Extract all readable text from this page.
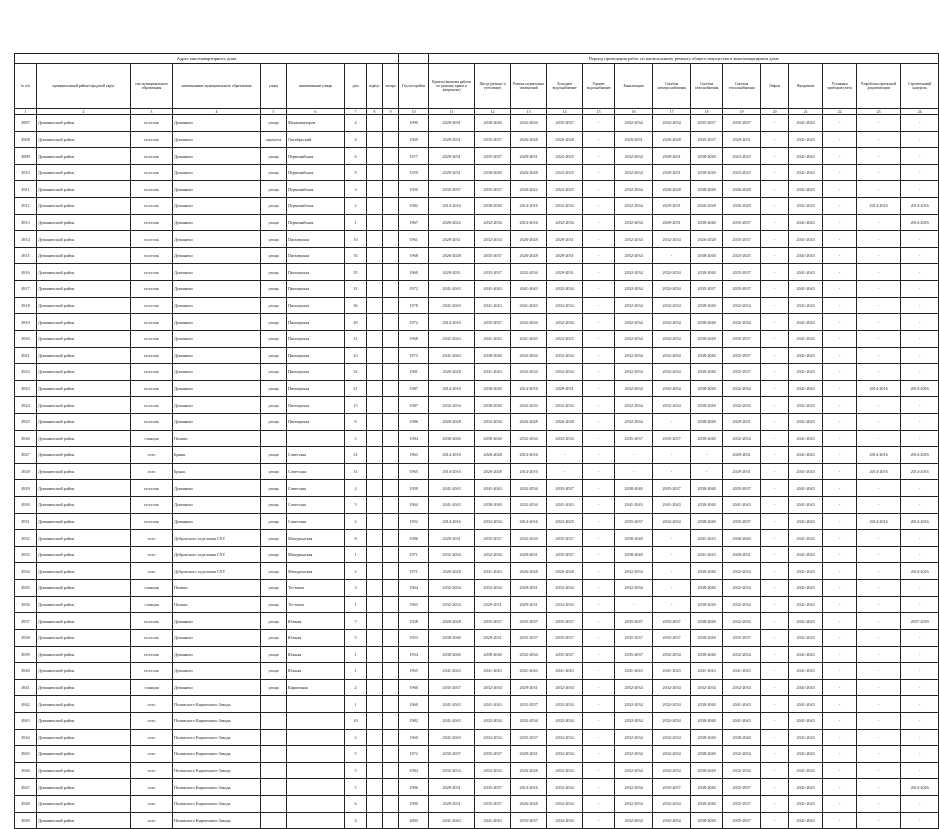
Адрес многоквартирного дома										Период проведения работ по капитальному ремонту общего имущества в многоквартирном доме													
№ п/п	муниципальный район/городской округ	тип муниципального образования	наименование муниципального образования	улица	наименование улицы	дом	корпус	литера	Год постройки	Кровля (включая работы по ремонту крыш и капремонт)	Фасад (ремонт и утепление)	Ремонт подвальных помещений	Холодное водоснабжение	Горячее водоснабжение	Канализация	Система электроснабжения	Система газоснабжения	Система теплоснабжения	Лифты	Фундамент	Установка приборов учета	Разработка проектной документации	Строительный контроль
1	2	3	4	5	6	7	8	9	10	11	12	13	14	15	16	17	18	19	20	21	22	23	24
4907	Думиничский район	поселок	Думиничи	улица	Механизаторов	4			1990	2029-2031	2038-2040	2032-2034	2035-2037	-	2032-2034	2032-2034	2035-2037	2035-2037	-	2041-2043	-	-	-
4908	Думиничский район	поселок	Думиничи	переулок	Октябрьский	4			1969	2029-2031	2035-2037	2026-2028	2026-2028	-	2029-2031	2026-2028	2035-2037	2029-2031	-	2041-2043	-	-	-
4909	Думиничский район	поселок	Думиничи	улица	Первомайская	6			1977	2029-2031	2035-2037	2029-2031	2023-2025	-	2032-2034	2029-2031	2038-2040	2023-2025	-	2041-2043	-	-	-
4910	Думиничский район	поселок	Думиничи	улица	Первомайская	9			1959	2029-2031	2038-2040	2026-2028	2023-2025	-	2032-2034	2029-2031	2038-2040	2023-2025	-	2041-2043	-	-	-
4911	Думиничский район	поселок	Думиничи	улица	Первомайская	3			1950	2035-2037	2035-2037	2020-2022	2023-2025	-	2032-2034	2026-2028	2038-2040	2026-2028	-	2041-2043	-	-	-
4912	Думиничский район	поселок	Думиничи	улица	Первомайская	2			1982	2014-2016	2038-2040	2014-2016	2032-2034	-	2032-2034	2029-2031	2026-2028	2026-2028	-	2041-2043	-	2014-2016	2014-2016
4913	Думиничский район	поселок	Думиничи	улица	Первомайская	1			1967	2020-2022	2032-2034	2014-2016	2032-2034	-	2032-2034	2029-2031	2038-2040	2035-2037	-	2041-2043	-	-	2014-2016
4914	Думиничский район	поселок	Думиничи	улица	Пионерская	10			1961	2029-2031	2032-2034	2026-2028	2029-2031	-	2032-2034	2032-2034	2026-2028	2035-2037	-	2041-2043	-	-	-
4915	Думиничский район	поселок	Думиничи	улица	Пионерская	33			1968	2026-2028	2035-2037	2026-2028	2029-2031	-	2032-2034	-	2038-2040	2023-2025	-	2041-2043	-	-	-
4916	Думиничский район	поселок	Думиничи	улица	Пионерская	35			1969	2029-2031	2035-2037	2032-2034	2029-2031	-	2032-2034	2032-2034	2038-2040	2035-2037	-	2041-2043	-	-	-
4917	Думиничский район	поселок	Думиничи	улица	Пионерская	31			1972	2041-2043	2041-2043	2041-2043	2032-2034	-	2032-2034	2032-2034	2035-2037	2035-2037	-	2041-2043	-	-	-
4918	Думиничский район	поселок	Думиничи	улица	Пионерская	36			1978	2041-2043	2041-2043	2041-2043	2032-2034	-	2032-2034	2032-2034	2038-2040	2032-2034	-	2041-2043	-	-	-
4919	Думиничский район	поселок	Думиничи	улица	Пионерская	29			1972	2014-2016	2035-2037	2032-2034	2032-2034	-	2032-2034	2032-2034	2038-2040	2032-2034	-	2041-2043	-	-	-
4920	Думиничский район	поселок	Думиничи	улица	Пионерская	31			1968	2041-2043	2041-2043	2041-2043	2023-2025	-	2032-2034	2032-2034	2038-2040	2035-2037	-	2041-2043	-	-	-
4921	Думиничский район	поселок	Думиничи	улица	Пионерская	23			1973	2041-2043	2038-2040	2032-2034	2032-2034	-	2032-2034	2032-2034	2038-2040	2035-2037	-	2041-2043	-	-	-
4922	Думиничский район	поселок	Думиничи	улица	Пионерская	32			1981	2026-2028	2041-2043	2032-2034	2032-2034	-	2032-2034	2032-2034	2038-2040	2035-2037	-	2041-2043	-	-	-
4923	Думиничский район	поселок	Думиничи	улица	Пионерская	21			1987	2014-2016	2038-2040	2014-2016	2029-2031	-	2032-2034	2032-2034	2038-2040	2032-2034	-	2041-2043	-	2014-2016	2014-2016
4924	Думиничский район	поселок	Думиничи	улица	Пионерская	15			1987	2032-2034	2038-2040	2032-2034	2032-2034	-	2032-2034	2032-2034	2038-2040	2032-2034	-	2041-2043	-	-	-
4925	Думиничский район	поселок	Думиничи	улица	Пионерская	9			1986	2026-2028	2032-2034	2026-2028	2026-2028	-	2032-2034	-	2038-2040	2029-2031	-	2041-2043	-	-	-
4926	Думиничский район	станция	Палики			3			1984	2038-2040	2038-2040	2032-2034	2032-2034	-	2035-2037	2035-2037	2038-2040	2032-2034	-	2041-2043	-	-	-
4927	Думиничский район	село	Брынь	улица	Советская	31			1963	2014-2016	2026-2028	2014-2016	-	-	-	-	-	2029-2031	-	2041-2043	-	2014-2016	2014-2016
4928	Думиничский район	село	Брынь	улица	Советская	31			1965	2014-2016	2026-2028	2014-2016	-	-	-	-	-	2029-2031	-	2041-2043	-	2014-2016	2014-2016
4929	Думиничский район	поселок	Думиничи	улица	Советская	2			1959	2041-2043	2041-2043	2032-2034	2035-2037	-	2038-2040	2035-2037	2038-2040	2035-2037	-	2041-2043	-	-	-
4930	Думиничский район	поселок	Думиничи	улица	Советская	5			1964	2041-2043	2038-2040	2032-2034	2041-2043	-	2041-2043	2041-2043	2038-2040	2041-2043	-	2041-2043	-	-	-
4931	Думиничский район	поселок	Думиничи	улица	Советская	2			1952	2014-2016	2032-2034	2014-2016	2023-2025	-	2035-2037	2032-2034	2038-2040	2035-2037	-	2041-2043	-	2014-2016	2014-2016
4932	Думиничский район	село	Дубровского отделения СХТ	улица	Мичуринская	8			1986	2029-2031	2035-2037	2032-2034	2035-2037	-	2038-2040	-	2041-2043	2038-2040	-	2041-2043	-	-	-
4933	Думиничский район	село	Дубровского отделения СХТ	улица	Мичуринская	1			1971	2032-2034	2032-2034	2029-2031	2035-2037	-	2038-2040	-	2041-2043	2029-2031	-	2041-2043	-	-	-
4934	Думиничский район	село	Дубровского отделения СХТ	улица	Мичуринская	2			1971	2026-2028	2041-2043	2026-2028	2026-2028	-	2032-2034	-	2038-2040	2032-2034	-	2041-2043	-	-	2014-2016
4935	Думиничский район	станция	Палики	улица	Тестовая	3			1964	2032-2034	2032-2034	2029-2031	2032-2034	-	2032-2034	-	2038-2040	2032-2034	-	2041-2043	-	-	-
4936	Думиничский район	станция	Палики	улица	Тестовая	1			1963	2032-2034	2029-2031	2029-2031	2032-2034	-	-	-	2038-2040	2032-2034	-	2041-2043	-	-	-
4937	Думиничский район	поселок	Думиничи	улица	Южная	7			1938	2026-2028	2035-2037	2035-2037	2035-2037	-	2035-2037	2035-2037	2038-2040	2032-2034	-	2041-2043	-	-	2037-2039
4938	Думиничский район	поселок	Думиничи	улица	Южная	5			1953	2038-2040	2029-2031	2035-2037	2035-2037	-	2035-2037	2035-2037	2038-2040	2035-2037	-	2041-2043	-	-	-
4939	Думиничский район	поселок	Думиничи	улица	Южная	1			1954	2038-2040	2038-2040	2032-2034	2035-2037	-	2035-2037	2032-2034	2038-2040	2032-2034	-	2041-2043	-	-	-
4940	Думиничский район	поселок	Думиничи	улица	Южная	1			1965	2041-2043	2041-2043	2041-2043	2041-2043	-	2041-2043	2041-2043	2041-2043	2041-2043	-	2041-2043	-	-	-
4941	Думиничский район	станция	Думиничи	улица	Кирпичная	2			1960	2035-2037	2032-2034	2029-2031	2032-2034	-	2032-2034	2032-2034	2032-2034	2032-2034	-	2041-2043	-	-	-
4942	Думиничский район	село	Поливского Кирпичного Завода			1			1960	2041-2043	2041-2043	2035-2037	2032-2034	-	2032-2034	2032-2034	2038-2040	2041-2043	-	2041-2043	-	-	-
4943	Думиничский район	село	Поливского Кирпичного Завода			10			1982	2041-2043	2032-2034	2032-2034	2032-2034	-	2032-2034	2032-2034	2038-2040	2041-2043	-	2041-2043	-	-	-
4944	Думиничский район	село	Поливского Кирпичного Завода			3			1960	2041-2043	2032-2034	2035-2037	2032-2034	-	2032-2034	2032-2034	2038-2040	2038-2040	-	2041-2043	-	-	-
4945	Думиничский район	село	Поливского Кирпичного Завода			5			1972	2035-2037	2035-2037	2029-2031	2032-2034	-	2032-2034	2032-2034	2038-2040	2032-2034	-	2041-2043	-	-	-
4946	Думиничский район	село	Поливского Кирпичного Завода			5			1984	2032-2034	2032-2034	2026-2028	2032-2034	-	2032-2034	2032-2034	2038-2040	2032-2034	-	2041-2043	-	-	-
4947	Думиничский район	село	Поливского Кирпичного Завода			5			1996	2029-2031	2035-2037	2014-2016	2032-2034	-	2032-2034	2035-2037	2038-2040	2035-2037	-	2041-2043	-	-	2014-2016
4948	Думиничский район	село	Поливского Кирпичного Завода			6			1990	2029-2031	2035-2037	2026-2028	2032-2034	-	2032-2034	2032-2034	2038-2040	2035-2037	-	2041-2043	-	-	-
4949	Думиничский район	село	Поливского Кирпичного Завода			4			2003	2041-2043	2041-2043	2035-2037	2032-2034	-	2032-2034	2032-2034	2038-2040	2035-2037	-	2041-2043	-	-	-
